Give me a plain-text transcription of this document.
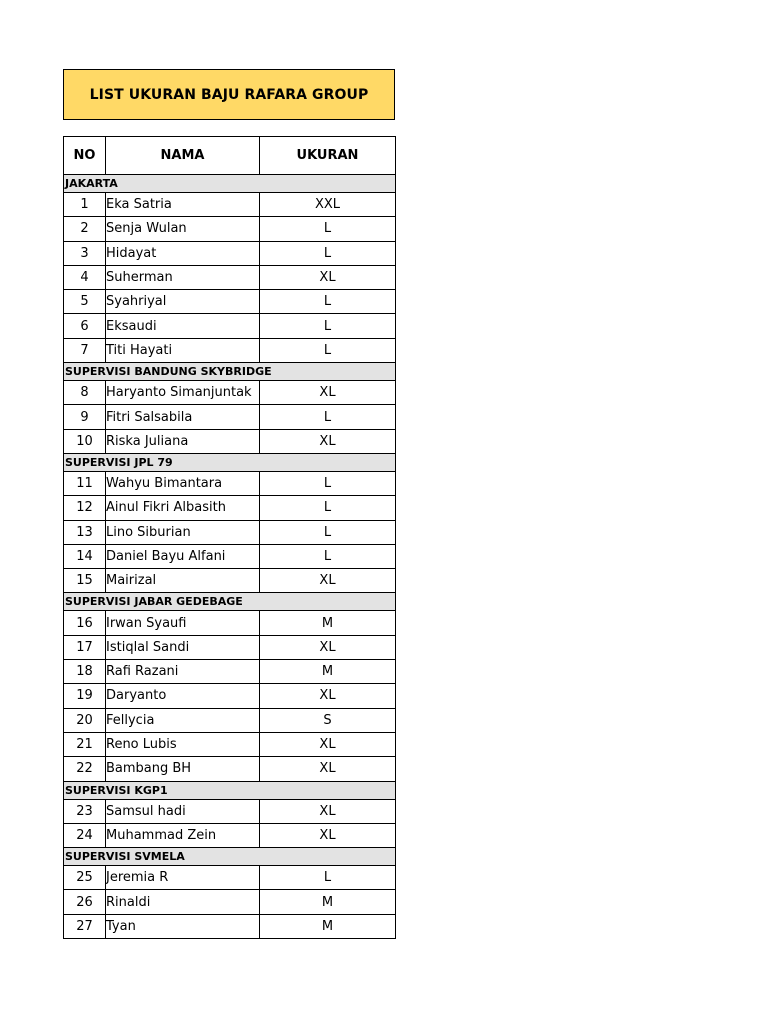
LIST UKURAN BAJU RAFARA GROUP
NO	NAMA	UKURAN
JAKARTA		
1	Eka Satria	XXL
2	Senja Wulan	L
3	Hidayat	L
4	Suherman	XL
5	Syahriyal	L
6	Eksaudi	L
7	Titi Hayati	L
SUPERVISI BANDUNG SKYBRIDGE		
8	Haryanto Simanjuntak	XL
9	Fitri Salsabila	L
10	Riska Juliana	XL
SUPERVISI JPL 79		
11	Wahyu Bimantara	L
12	Ainul Fikri Albasith	L
13	Lino Siburian	L
14	Daniel Bayu Alfani	L
15	Mairizal	XL
SUPERVISI JABAR GEDEBAGE		
16	Irwan Syaufi	M
17	Istiqlal Sandi	XL
18	Rafi Razani	M
19	Daryanto	XL
20	Fellycia	S
21	Reno Lubis	XL
22	Bambang BH	XL
SUPERVISI KGP1		
23	Samsul hadi	XL
24	Muhammad Zein	XL
SUPERVISI SVMELA		
25	Jeremia R	L
26	Rinaldi	M
27	Tyan	M
